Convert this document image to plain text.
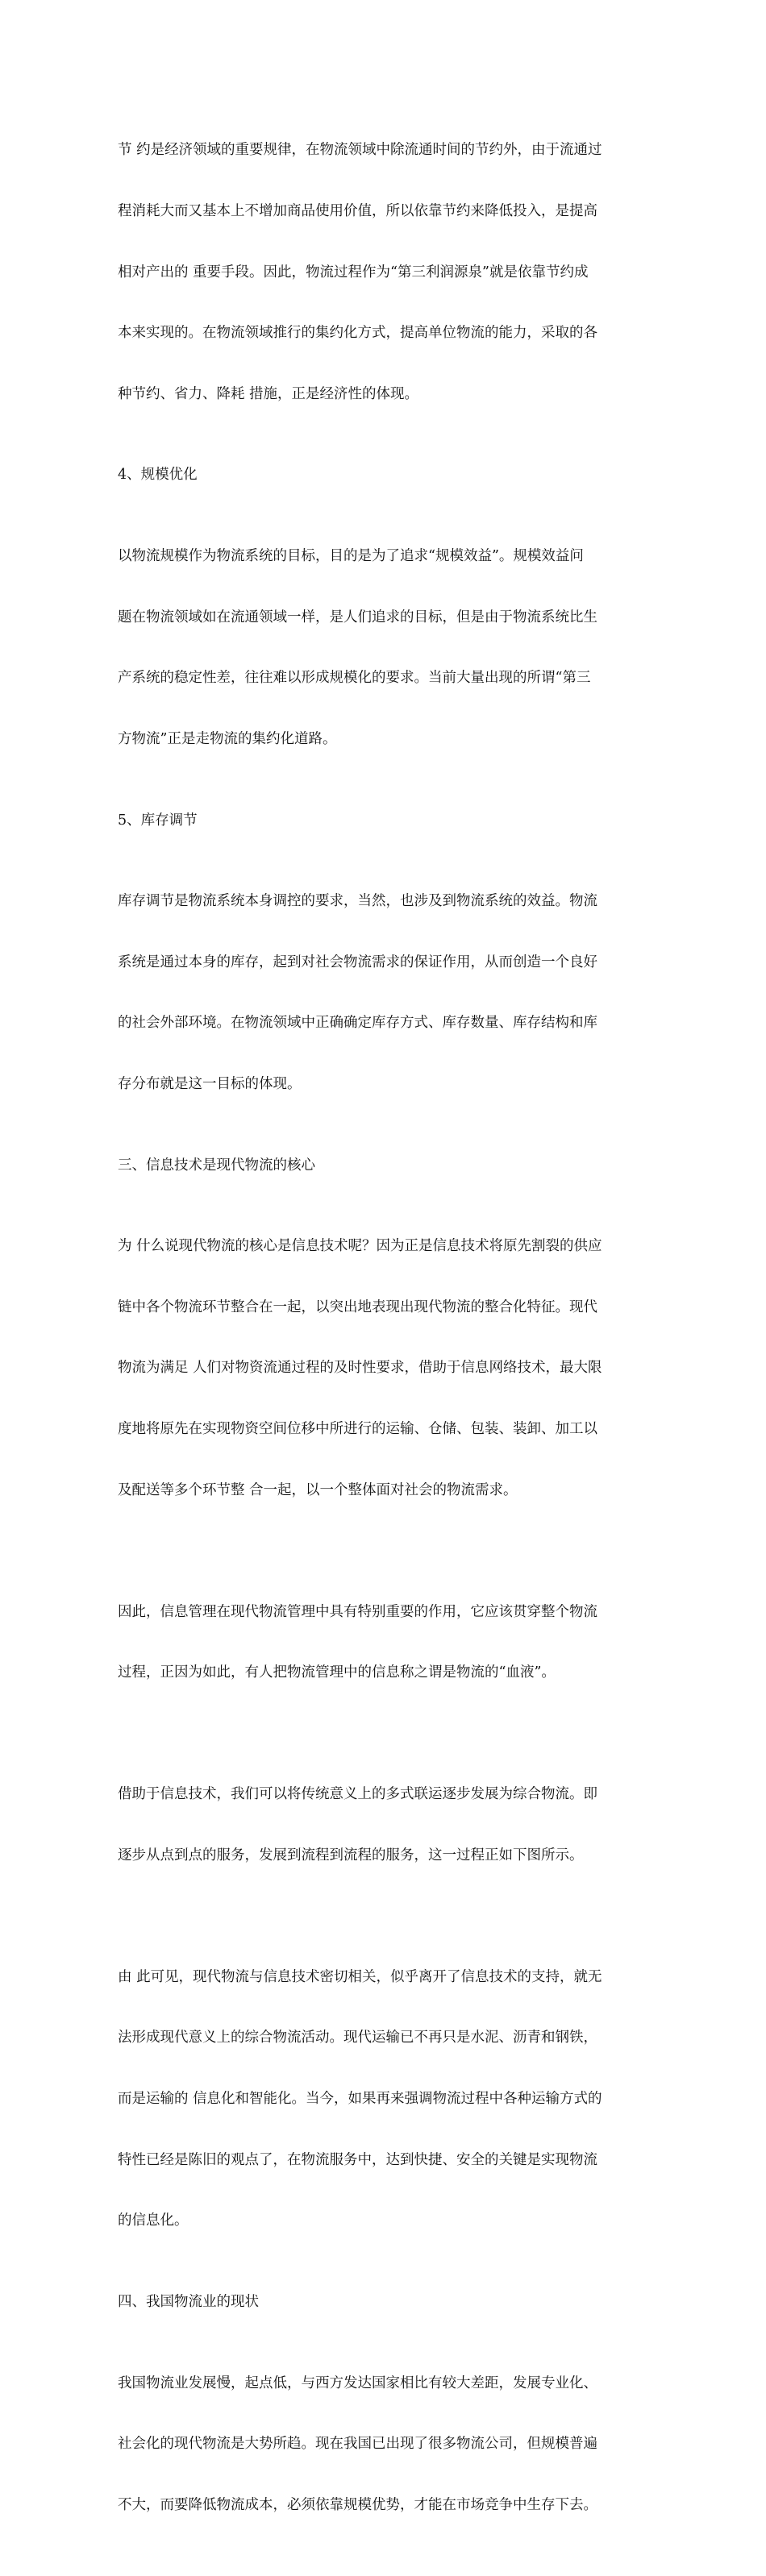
节 约是经济领域的重要规律，在物流领域中除流通时间的节约外，由于流通过

程消耗大而又基本上不增加商品使用价值，所以依靠节约来降低投入，是提高

相对产出的 重要手段。因此，物流过程作为“第三利润源泉”就是依靠节约成

本来实现的。在物流领域推行的集约化方式，提高单位物流的能力，采取的各

种节约、省力、降耗 措施，正是经济性的体现。

4、规模优化

以物流规模作为物流系统的目标，目的是为了追求“规模效益”。规模效益问

题在物流领域如在流通领域一样，是人们追求的目标，但是由于物流系统比生

产系统的稳定性差，往往难以形成规模化的要求。当前大量出现的所谓“第三

方物流”正是走物流的集约化道路。

5、库存调节

库存调节是物流系统本身调控的要求，当然，也涉及到物流系统的效益。物流

系统是通过本身的库存，起到对社会物流需求的保证作用，从而创造一个良好

的社会外部环境。在物流领域中正确确定库存方式、库存数量、库存结构和库

存分布就是这一目标的体现。

三、信息技术是现代物流的核心

为 什么说现代物流的核心是信息技术呢？因为正是信息技术将原先割裂的供应

链中各个物流环节整合在一起，以突出地表现出现代物流的整合化特征。现代

物流为满足 人们对物资流通过程的及时性要求，借助于信息网络技术，最大限

度地将原先在实现物资空间位移中所进行的运输、仓储、包装、装卸、加工以

及配送等多个环节整 合一起，以一个整体面对社会的物流需求。

因此，信息管理在现代物流管理中具有特别重要的作用，它应该贯穿整个物流

过程，正因为如此，有人把物流管理中的信息称之谓是物流的“血液”。

借助于信息技术，我们可以将传统意义上的多式联运逐步发展为综合物流。即

逐步从点到点的服务，发展到流程到流程的服务，这一过程正如下图所示。

由 此可见，现代物流与信息技术密切相关，似乎离开了信息技术的支持，就无

法形成现代意义上的综合物流活动。现代运输已不再只是水泥、沥青和钢铁，

而是运输的 信息化和智能化。当今，如果再来强调物流过程中各种运输方式的

特性已经是陈旧的观点了，在物流服务中，达到快捷、安全的关键是实现物流

的信息化。

四、我国物流业的现状

我国物流业发展慢，起点低，与西方发达国家相比有较大差距，发展专业化、

社会化的现代物流是大势所趋。现在我国已出现了很多物流公司，但规模普遍

不大，而要降低物流成本，必须依靠规模优势，才能在市场竞争中生存下去。
